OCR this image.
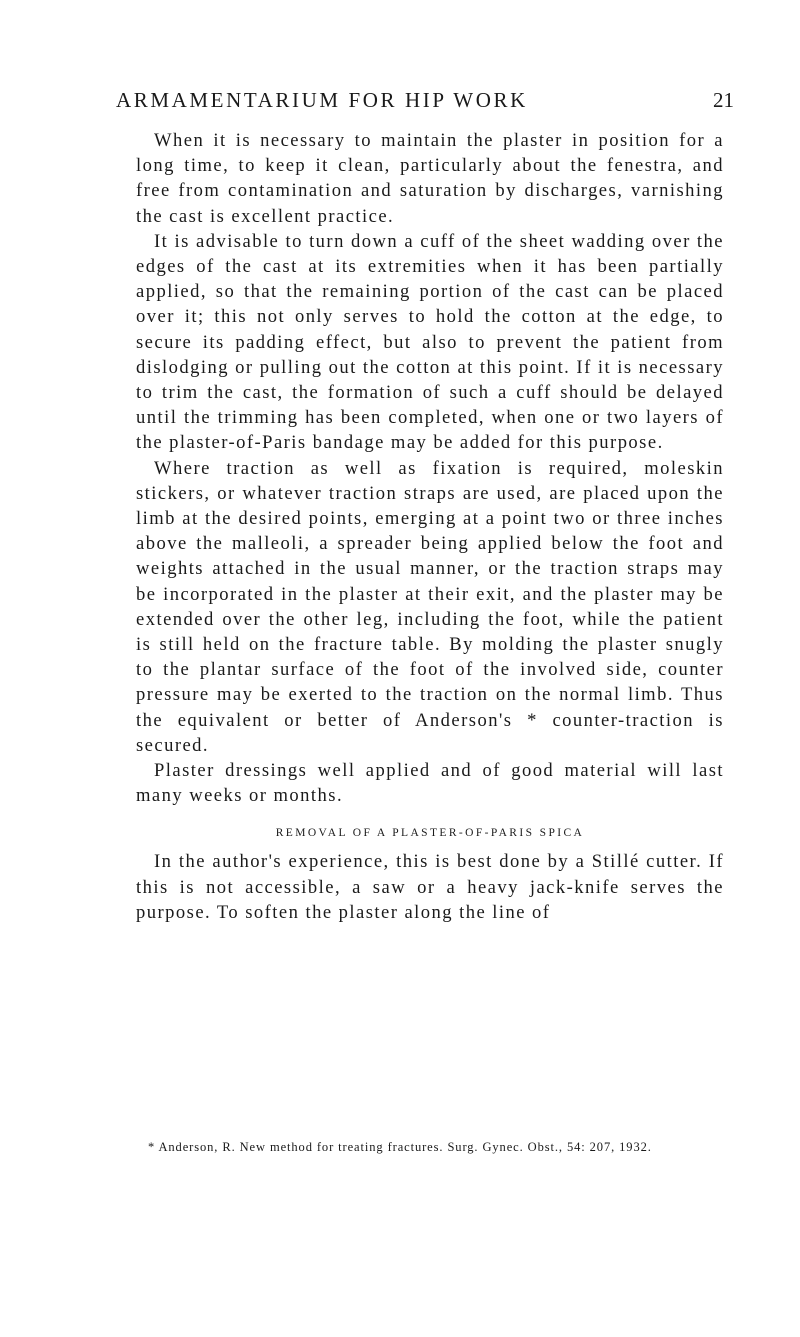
ARMAMENTARIUM FOR HIP WORK	21

When it is necessary to maintain the plaster in position for a long time, to keep it clean, particularly about the fenestra, and free from contamination and saturation by discharges, varnishing the cast is excellent practice.

It is advisable to turn down a cuff of the sheet wadding over the edges of the cast at its extremities when it has been partially applied, so that the remaining portion of the cast can be placed over it; this not only serves to hold the cotton at the edge, to secure its padding effect, but also to prevent the patient from dislodging or pulling out the cotton at this point. If it is necessary to trim the cast, the formation of such a cuff should be delayed until the trimming has been completed, when one or two layers of the plaster-of-Paris bandage may be added for this purpose.

Where traction as well as fixation is required, moleskin stickers, or whatever traction straps are used, are placed upon the limb at the desired points, emerging at a point two or three inches above the malleoli, a spreader being applied below the foot and weights attached in the usual manner, or the traction straps may be incorporated in the plaster at their exit, and the plaster may be extended over the other leg, including the foot, while the patient is still held on the fracture table. By molding the plaster snugly to the plantar surface of the foot of the involved side, counter pressure may be exerted to the traction on the normal limb. Thus the equivalent or better of Anderson's * counter-traction is secured.

Plaster dressings well applied and of good material will last many weeks or months.

REMOVAL OF A PLASTER-OF-PARIS SPICA

In the author's experience, this is best done by a Stillé cutter. If this is not accessible, a saw or a heavy jack-knife serves the purpose. To soften the plaster along the line of

* Anderson, R. New method for treating fractures. Surg. Gynec. Obst., 54: 207, 1932.
